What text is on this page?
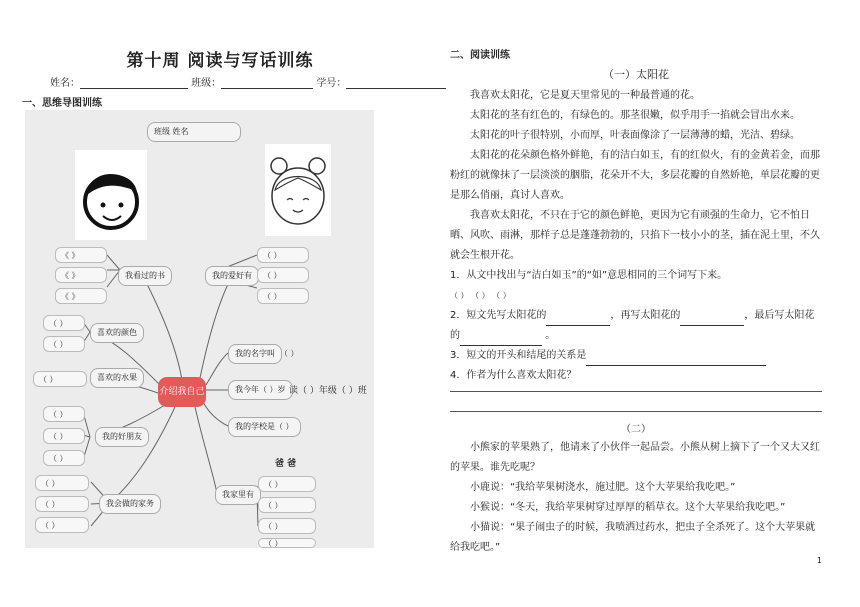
第十周 阅读与写话训练
姓名：	班级：	学号：
一、思维导图训练
班级 姓名
介绍我自己
我看过的书
《 》
《 》
《 》
我的爱好有
（ ）
（ ）
（ ）
喜欢的颜色
（ ）
（ ）
喜欢的水果
（ ）
我的好朋友
（ ）
（ ）
（ ）
我会做的家务
（ ）
（ ）
（ ）
我的名字叫 （ ）
我今年（ ）岁 读（ ）年级（ ）班
我的学校是（ ）
我家里有
爸 爸
（ ）
（ ）
（ ）
（ ）
二、阅读训练
（一）太阳花

我喜欢太阳花，它是夏天里常见的一种最普通的花。

太阳花的茎有红色的，有绿色的。那茎很嫩，似乎用手一掐就会冒出水来。

太阳花的叶子很特别，小而厚，叶表面像涂了一层薄薄的蜡，光洁、碧绿。

太阳花的花朵颜色格外鲜艳，有的洁白如玉，有的红似火，有的金黄若金，而那粉红的就像抹了一层淡淡的胭脂，花朵开不大，多层花瓣的自然娇艳，单层花瓣的更是那么俏丽，真讨人喜欢。

我喜欢太阳花，不只在于它的颜色鲜艳，更因为它有顽强的生命力，它不怕日晒、风吹、雨淋，那样子总是蓬蓬勃勃的，只掐下一枝小小的茎，插在泥土里，不久就会生根开花。

1．从文中找出与“洁白如玉”的“如”意思相同的三个词写下来。

（ ） （ ） （ ）

2．短文先写太阳花的	，再写太阳花的	，最后写太阳花

的	。

3．短文的开头和结尾的关系是

4．作者为什么喜欢太阳花？

（二）

小熊家的苹果熟了，他请来了小伙伴一起品尝。小熊从树上摘下了一个又大又红的苹果。谁先吃呢？

小鹿说：“我给苹果树浇水，施过肥。这个大苹果给我吃吧。”

小猴说：“冬天，我给苹果树穿过厚厚的稻草衣。这个大苹果给我吃吧。”

小猫说：“果子闹虫子的时候，我喷洒过药水，把虫子全杀死了。这个大苹果就给我吃吧。”

1
